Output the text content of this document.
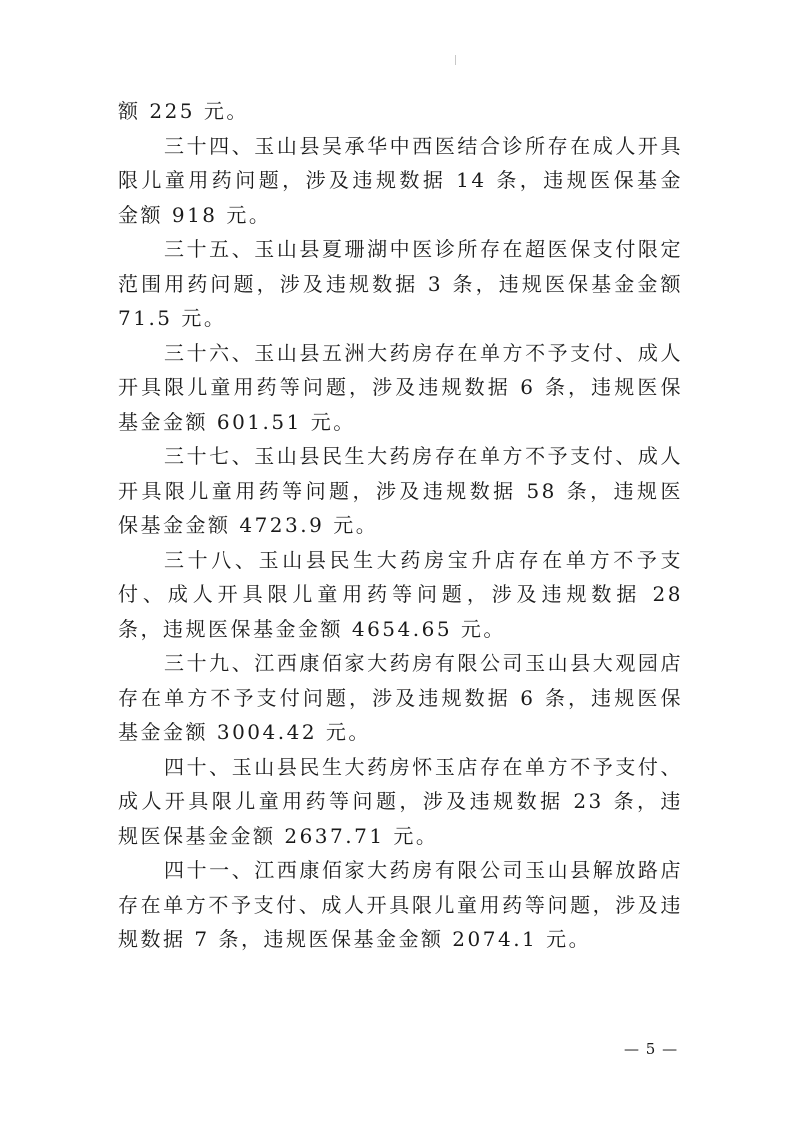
额 225 元。

三十四、玉山县吴承华中西医结合诊所存在成人开具限儿童用药问题，涉及违规数据 14 条，违规医保基金金额 918 元。

三十五、玉山县夏珊湖中医诊所存在超医保支付限定范围用药问题，涉及违规数据 3 条，违规医保基金金额 71.5 元。

三十六、玉山县五洲大药房存在单方不予支付、成人开具限儿童用药等问题，涉及违规数据 6 条，违规医保基金金额 601.51 元。

三十七、玉山县民生大药房存在单方不予支付、成人开具限儿童用药等问题，涉及违规数据 58 条，违规医保基金金额 4723.9 元。

三十八、玉山县民生大药房宝升店存在单方不予支付、成人开具限儿童用药等问题，涉及违规数据 28 条，违规医保基金金额 4654.65 元。

三十九、江西康佰家大药房有限公司玉山县大观园店存在单方不予支付问题，涉及违规数据 6 条，违规医保基金金额 3004.42 元。

四十、玉山县民生大药房怀玉店存在单方不予支付、成人开具限儿童用药等问题，涉及违规数据 23 条，违规医保基金金额 2637.71 元。

四十一、江西康佰家大药房有限公司玉山县解放路店存在单方不予支付、成人开具限儿童用药等问题，涉及违规数据 7 条，违规医保基金金额 2074.1 元。

— 5 —
